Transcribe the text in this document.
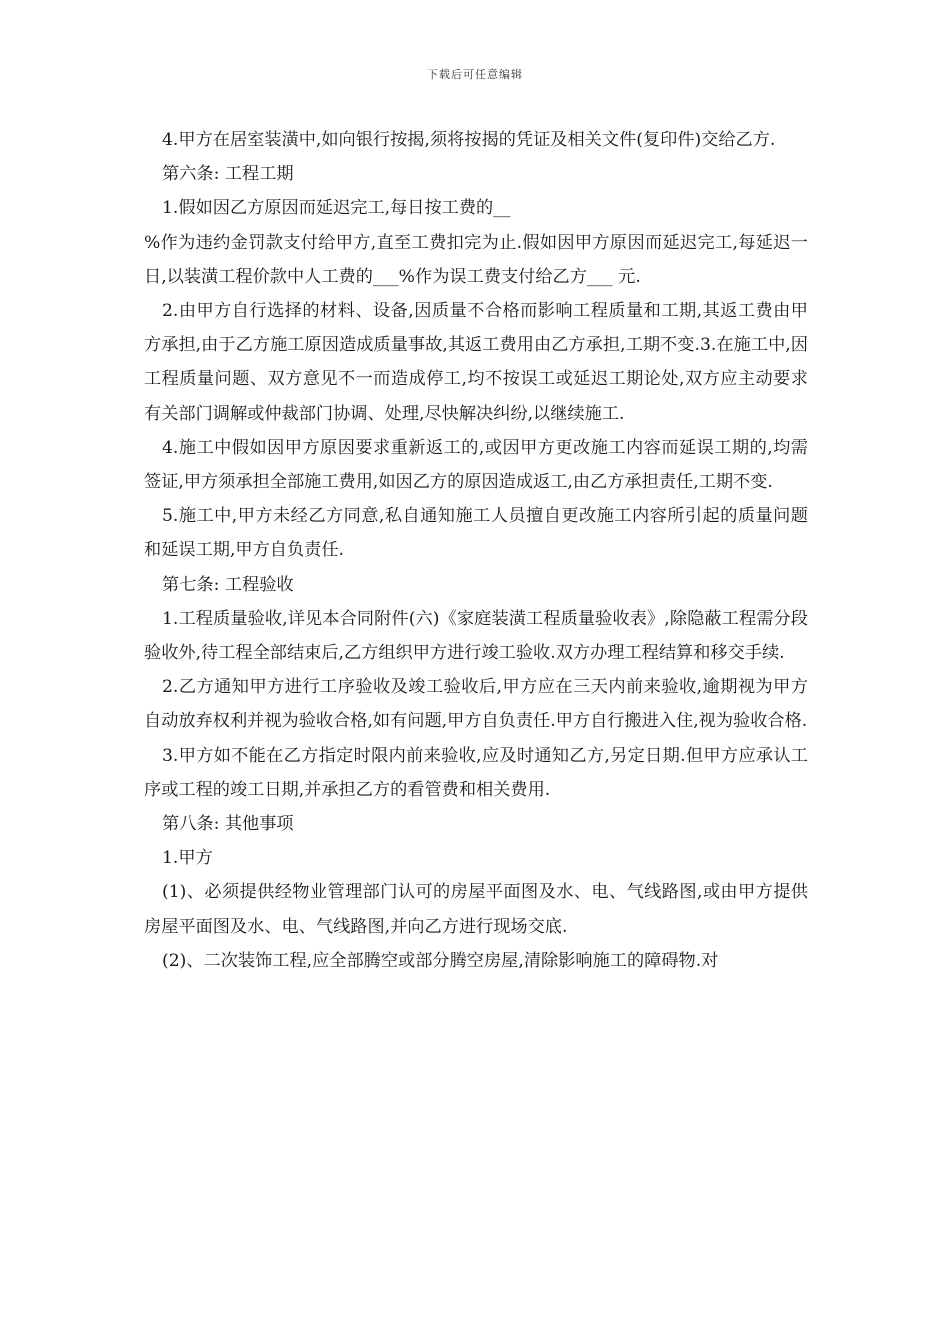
下载后可任意编辑

4.甲方在居室装潢中,如向银行按揭,须将按揭的凭证及相关文件(复印件)交给乙方.

第六条: 工程工期

1.假如因乙方原因而延迟完工,每日按工费的__

%作为违约金罚款支付给甲方,直至工费扣完为止.假如因甲方原因而延迟完工,每延迟一日,以装潢工程价款中人工费的___%作为误工费支付给乙方___ 元.

2.由甲方自行选择的材料、设备,因质量不合格而影响工程质量和工期,其返工费由甲方承担,由于乙方施工原因造成质量事故,其返工费用由乙方承担,工期不变.3.在施工中,因工程质量问题、双方意见不一而造成停工,均不按误工或延迟工期论处,双方应主动要求有关部门调解或仲裁部门协调、处理,尽快解决纠纷,以继续施工.

4.施工中假如因甲方原因要求重新返工的,或因甲方更改施工内容而延误工期的,均需签证,甲方须承担全部施工费用,如因乙方的原因造成返工,由乙方承担责任,工期不变.

5.施工中,甲方未经乙方同意,私自通知施工人员擅自更改施工内容所引起的质量问题和延误工期,甲方自负责任.

第七条: 工程验收

1.工程质量验收,详见本合同附件(六)《家庭装潢工程质量验收表》,除隐蔽工程需分段验收外,待工程全部结束后,乙方组织甲方进行竣工验收.双方办理工程结算和移交手续.

2.乙方通知甲方进行工序验收及竣工验收后,甲方应在三天内前来验收,逾期视为甲方自动放弃权利并视为验收合格,如有问题,甲方自负责任.甲方自行搬进入住,视为验收合格.

3.甲方如不能在乙方指定时限内前来验收,应及时通知乙方,另定日期.但甲方应承认工序或工程的竣工日期,并承担乙方的看管费和相关费用.

第八条: 其他事项

1.甲方

(1)、必须提供经物业管理部门认可的房屋平面图及水、电、气线路图,或由甲方提供房屋平面图及水、电、气线路图,并向乙方进行现场交底.

(2)、二次装饰工程,应全部腾空或部分腾空房屋,清除影响施工的障碍物.对
